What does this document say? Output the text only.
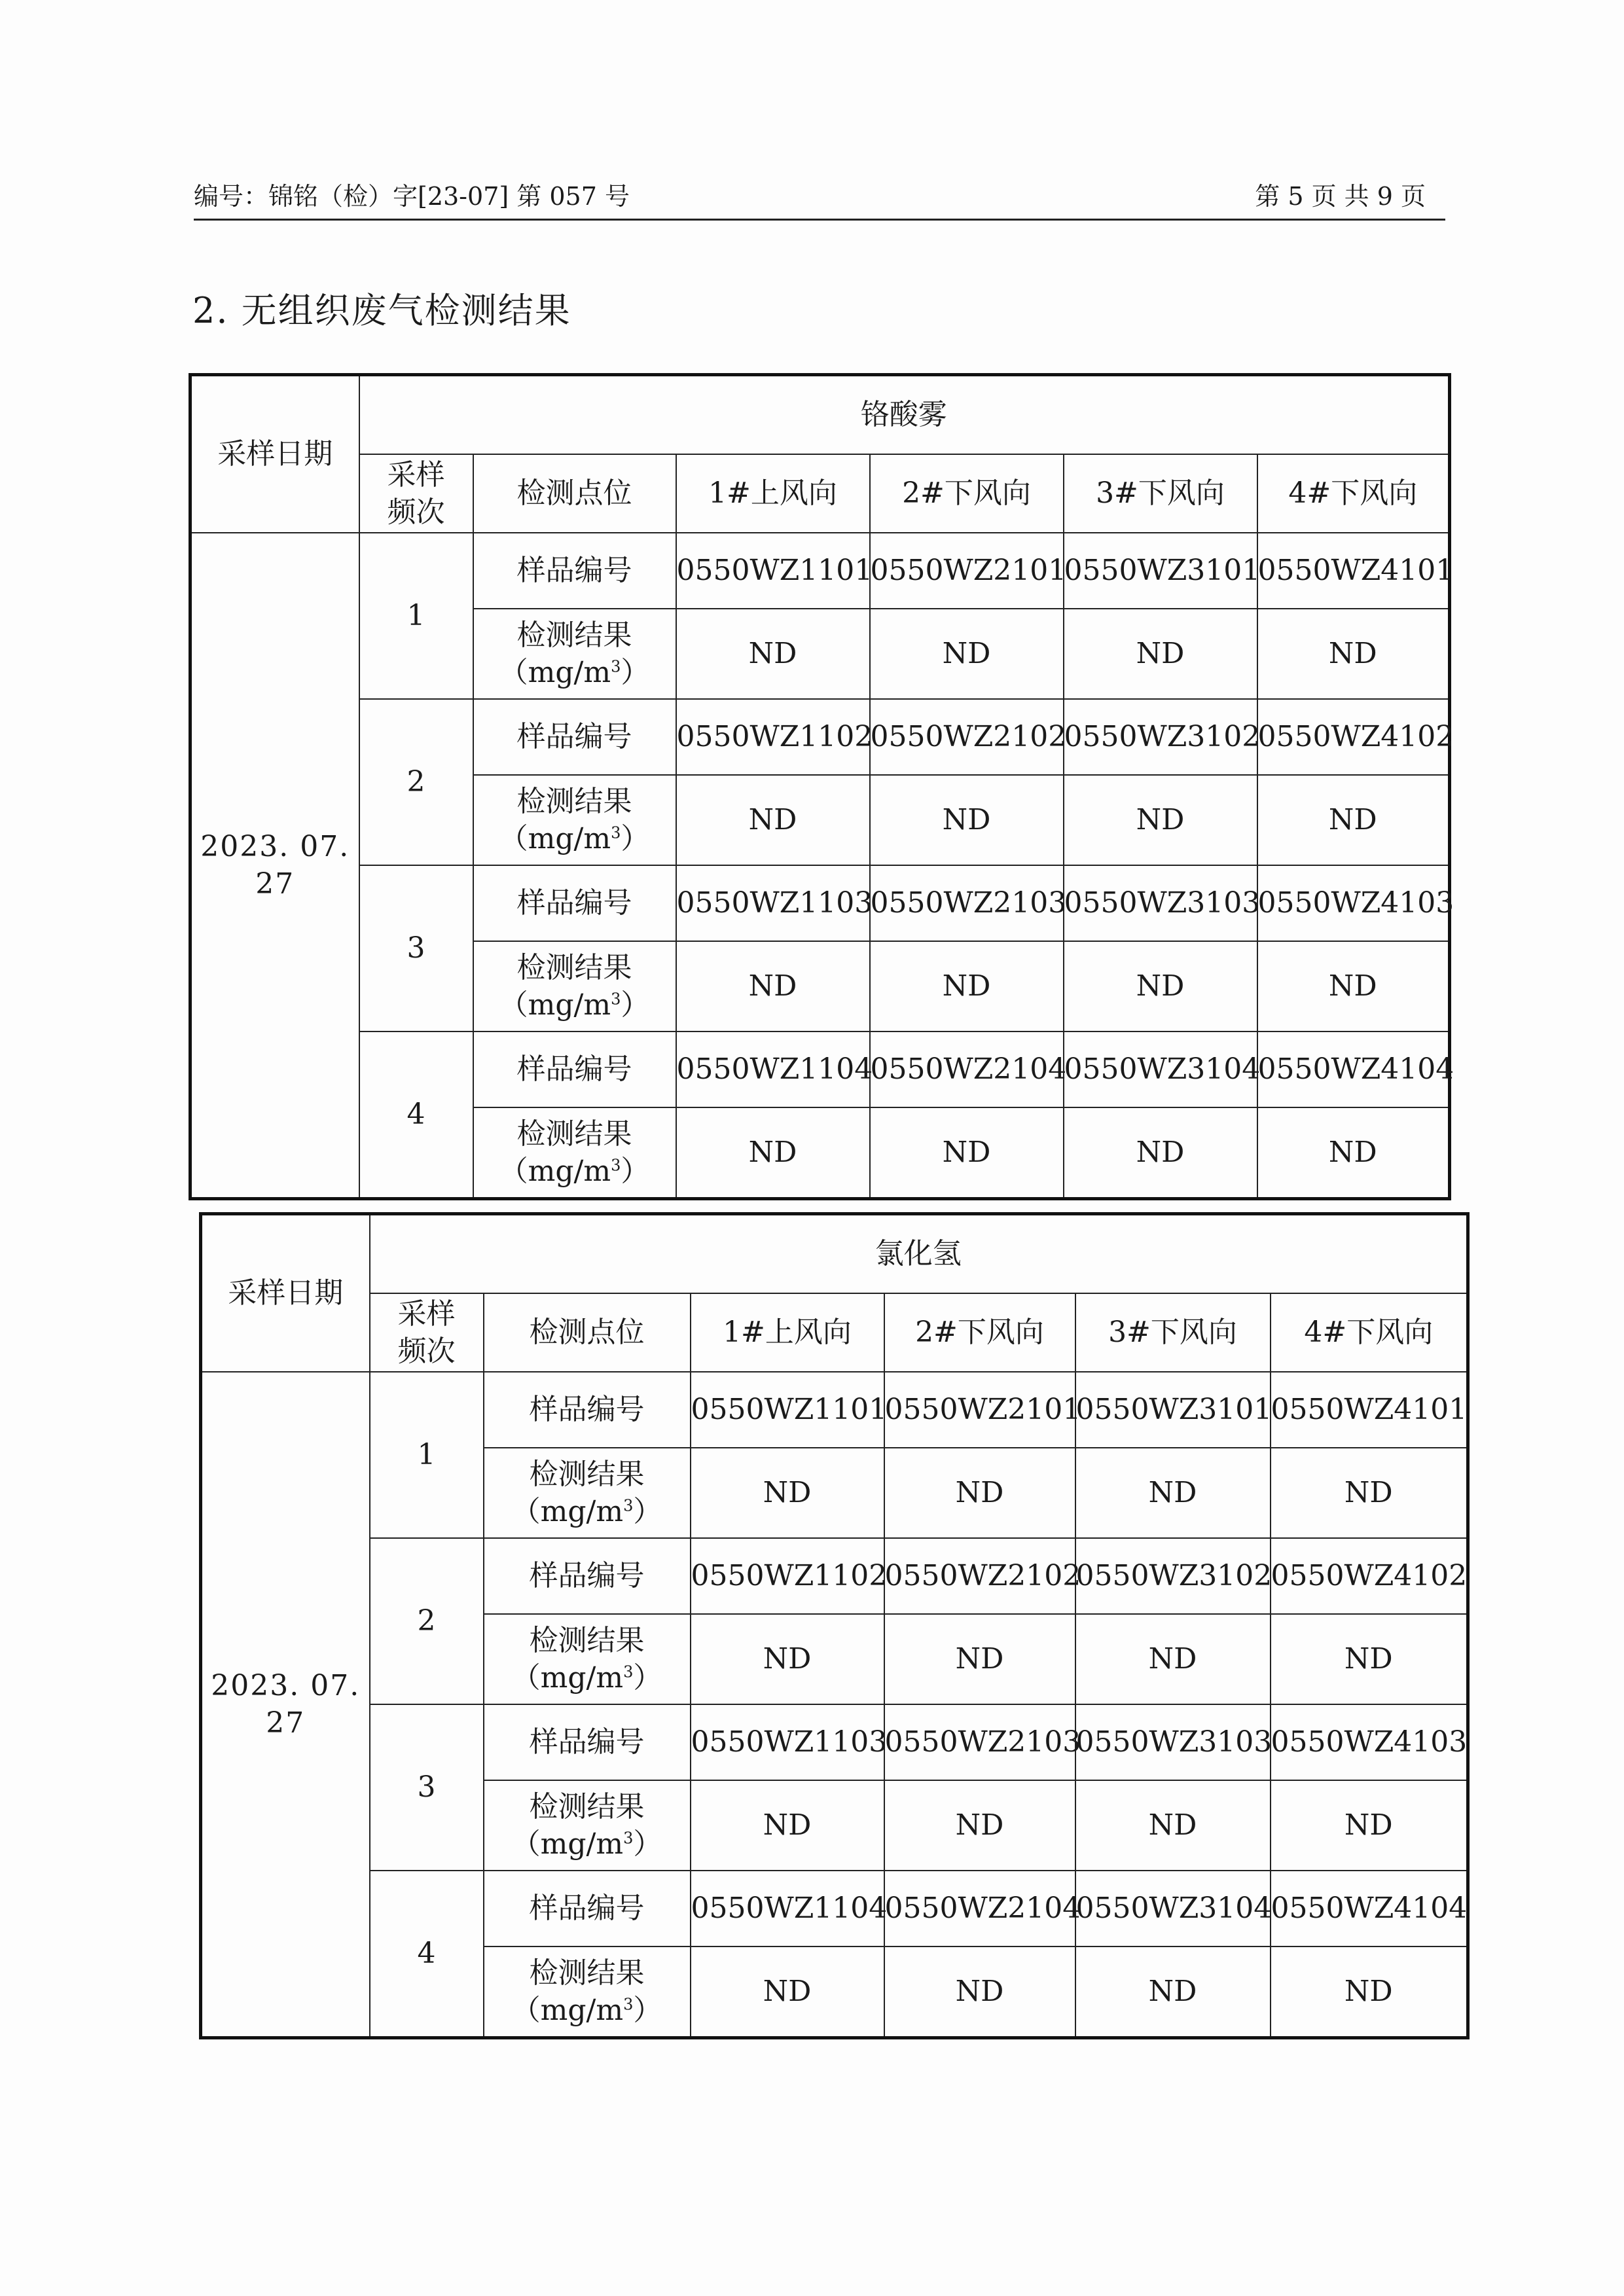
编号：锦铭（检）字[23-07] 第 057 号	第 5 页 共 9 页
2. 无组织废气检测结果
采样日期	铬酸雾					

	采样
频次	检测点位	1#上风向	2#下风向	3#下风向	4#下风向

2023. 07.
27	1	样品编号	0550WZ1101	0550WZ2101	0550WZ3101	0550WZ4101

		检测结果
$(mg/m^3)$	ND	ND	ND	ND
	2	样品编号	0550WZ1102	0550WZ2102	0550WZ3102	0550WZ4102

		检测结果
$(mg/m^3)$	ND	ND	ND	ND
	3	样品编号	0550WZ1103	0550WZ2103	0550WZ3103	0550WZ4103

		检测结果
$(mg/m^3)$	ND	ND	ND	ND
	4	样品编号	0550WZ1104	0550WZ2104	0550WZ3104	0550WZ4104

		检测结果
$(mg/m^3)$	ND	ND	ND	ND
采样日期	氯化氢					

	采样
频次	检测点位	1#上风向	2#下风向	3#下风向	4#下风向

2023. 07.
27	1	样品编号	0550WZ1101	0550WZ2101	0550WZ3101	0550WZ4101

		检测结果
$(mg/m^3)$	ND	ND	ND	ND
	2	样品编号	0550WZ1102	0550WZ2102	0550WZ3102	0550WZ4102

		检测结果
$(mg/m^3)$	ND	ND	ND	ND
	3	样品编号	0550WZ1103	0550WZ2103	0550WZ3103	0550WZ4103

		检测结果
$(mg/m^3)$	ND	ND	ND	ND
	4	样品编号	0550WZ1104	0550WZ2104	0550WZ3104	0550WZ4104

		检测结果
$(mg/m^3)$	ND	ND	ND	ND
